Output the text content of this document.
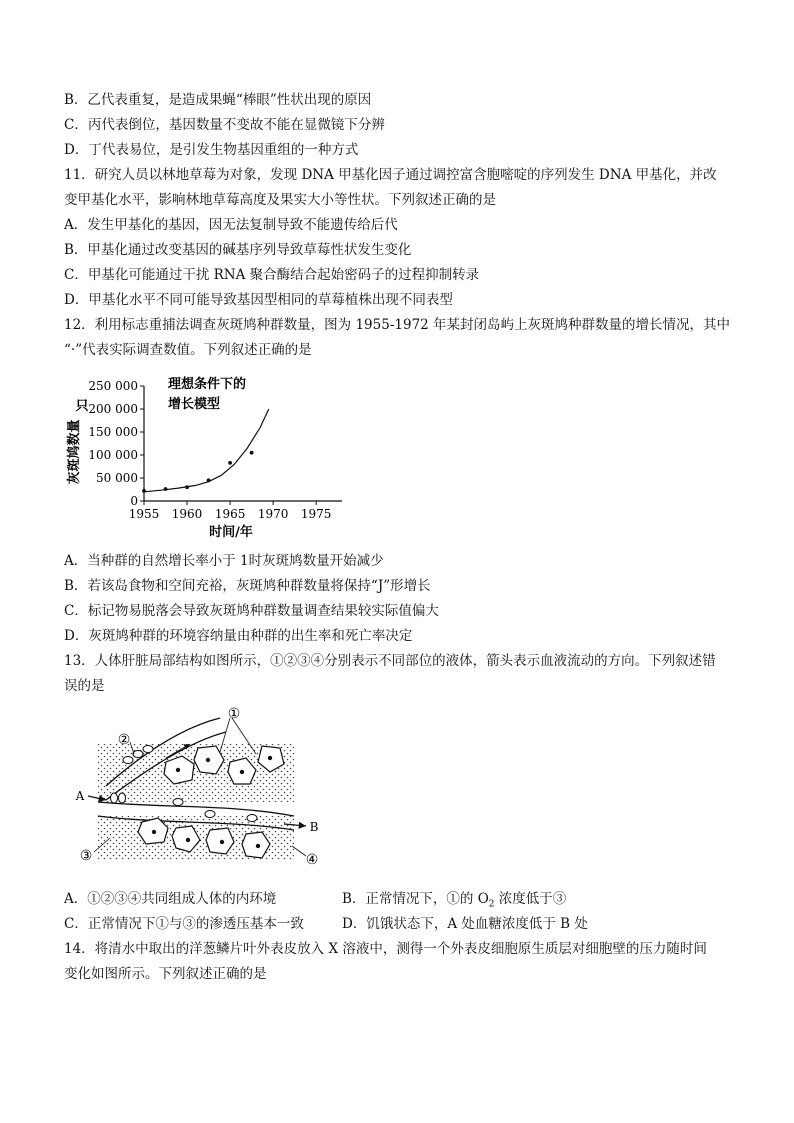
B．乙代表重复，是造成果蝇“棒眼”性状出现的原因
C．丙代表倒位，基因数量不变故不能在显微镜下分辨
D．丁代表易位，是引发生物基因重组的一种方式
11．研究人员以林地草莓为对象，发现 DNA 甲基化因子通过调控富含胞嘧啶的序列发生 DNA 甲基化，并改
变甲基化水平，影响林地草莓高度及果实大小等性状。下列叙述正确的是
A．发生甲基化的基因，因无法复制导致不能遗传给后代
B．甲基化通过改变基因的碱基序列导致草莓性状发生变化
C．甲基化可能通过干扰 RNA 聚合酶结合起始密码子的过程抑制转录
D．甲基化水平不同可能导致基因型相同的草莓植株出现不同表型
12．利用标志重捕法调查灰斑鸠种群数量，图为 1955-1972 年某封闭岛屿上灰斑鸠种群数量的增长情况，其中
“·”代表实际调查数值。下列叙述正确的是
只
灰斑鸠数量
理想条件下的
增长模型
0
50 000
100 000
150 000
200 000
250 000
1955 1960 1965 1970 1975
时间/年
A．当种群的自然增长率小于 1时灰斑鸠数量开始减少
B．若该岛食物和空间充裕，灰斑鸠种群数量将保持“J”形增长
C．标记物易脱落会导致灰斑鸠种群数量调查结果较实际值偏大
D．灰斑鸠种群的环境容纳量由种群的出生率和死亡率决定
13．人体肝脏局部结构如图所示，①②③④分别表示不同部位的液体，箭头表示血液流动的方向。下列叙述错
误的是
①
②
③	④
A
B
A．①②③④共同组成人体的内环境	B．正常情况下，①的 $O_2$ 浓度低于③
C．正常情况下①与③的渗透压基本一致	D．饥饿状态下，A 处血糖浓度低于 B 处
14．将清水中取出的洋葱鳞片叶外表皮放入 X 溶液中，测得一个外表皮细胞原生质层对细胞壁的压力随时间
变化如图所示。下列叙述正确的是
